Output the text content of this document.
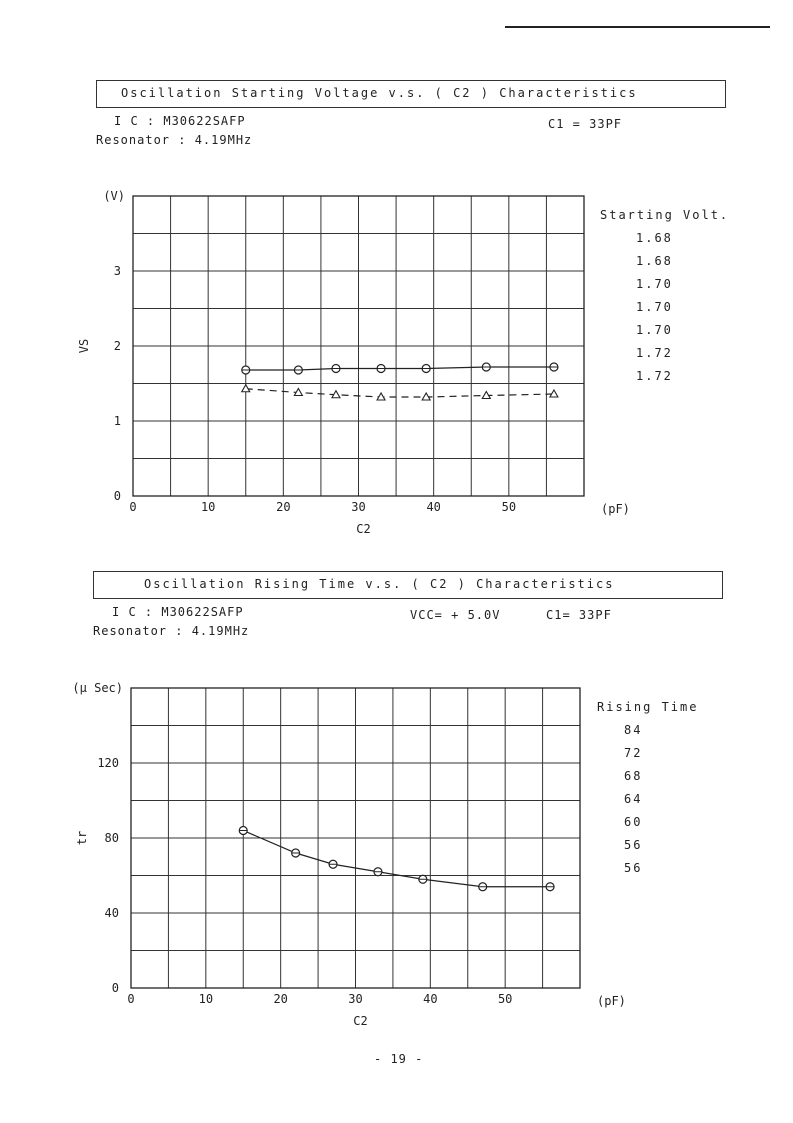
Oscillation Starting Voltage v.s. ( C2 ) Characteristics
I C : M30622SAFP
Resonator : 4.19MHz
C1 = 33PF
Starting Volt.
1.68
1.68
1.70
1.70
1.70
1.72
1.72
0	10	20	30	40	50
0
1
2
3
C2
(pF)
VS
(V)
Oscillation Rising Time v.s. ( C2 ) Characteristics
I C : M30622SAFP
Resonator : 4.19MHz
VCC= + 5.0V	C1= 33PF
Rising Time
84
72
68
64
60
56
56
0	10	20	30	40	50
0
40
80
120
C2
(pF)
tr
(μ Sec)
- 19 -
